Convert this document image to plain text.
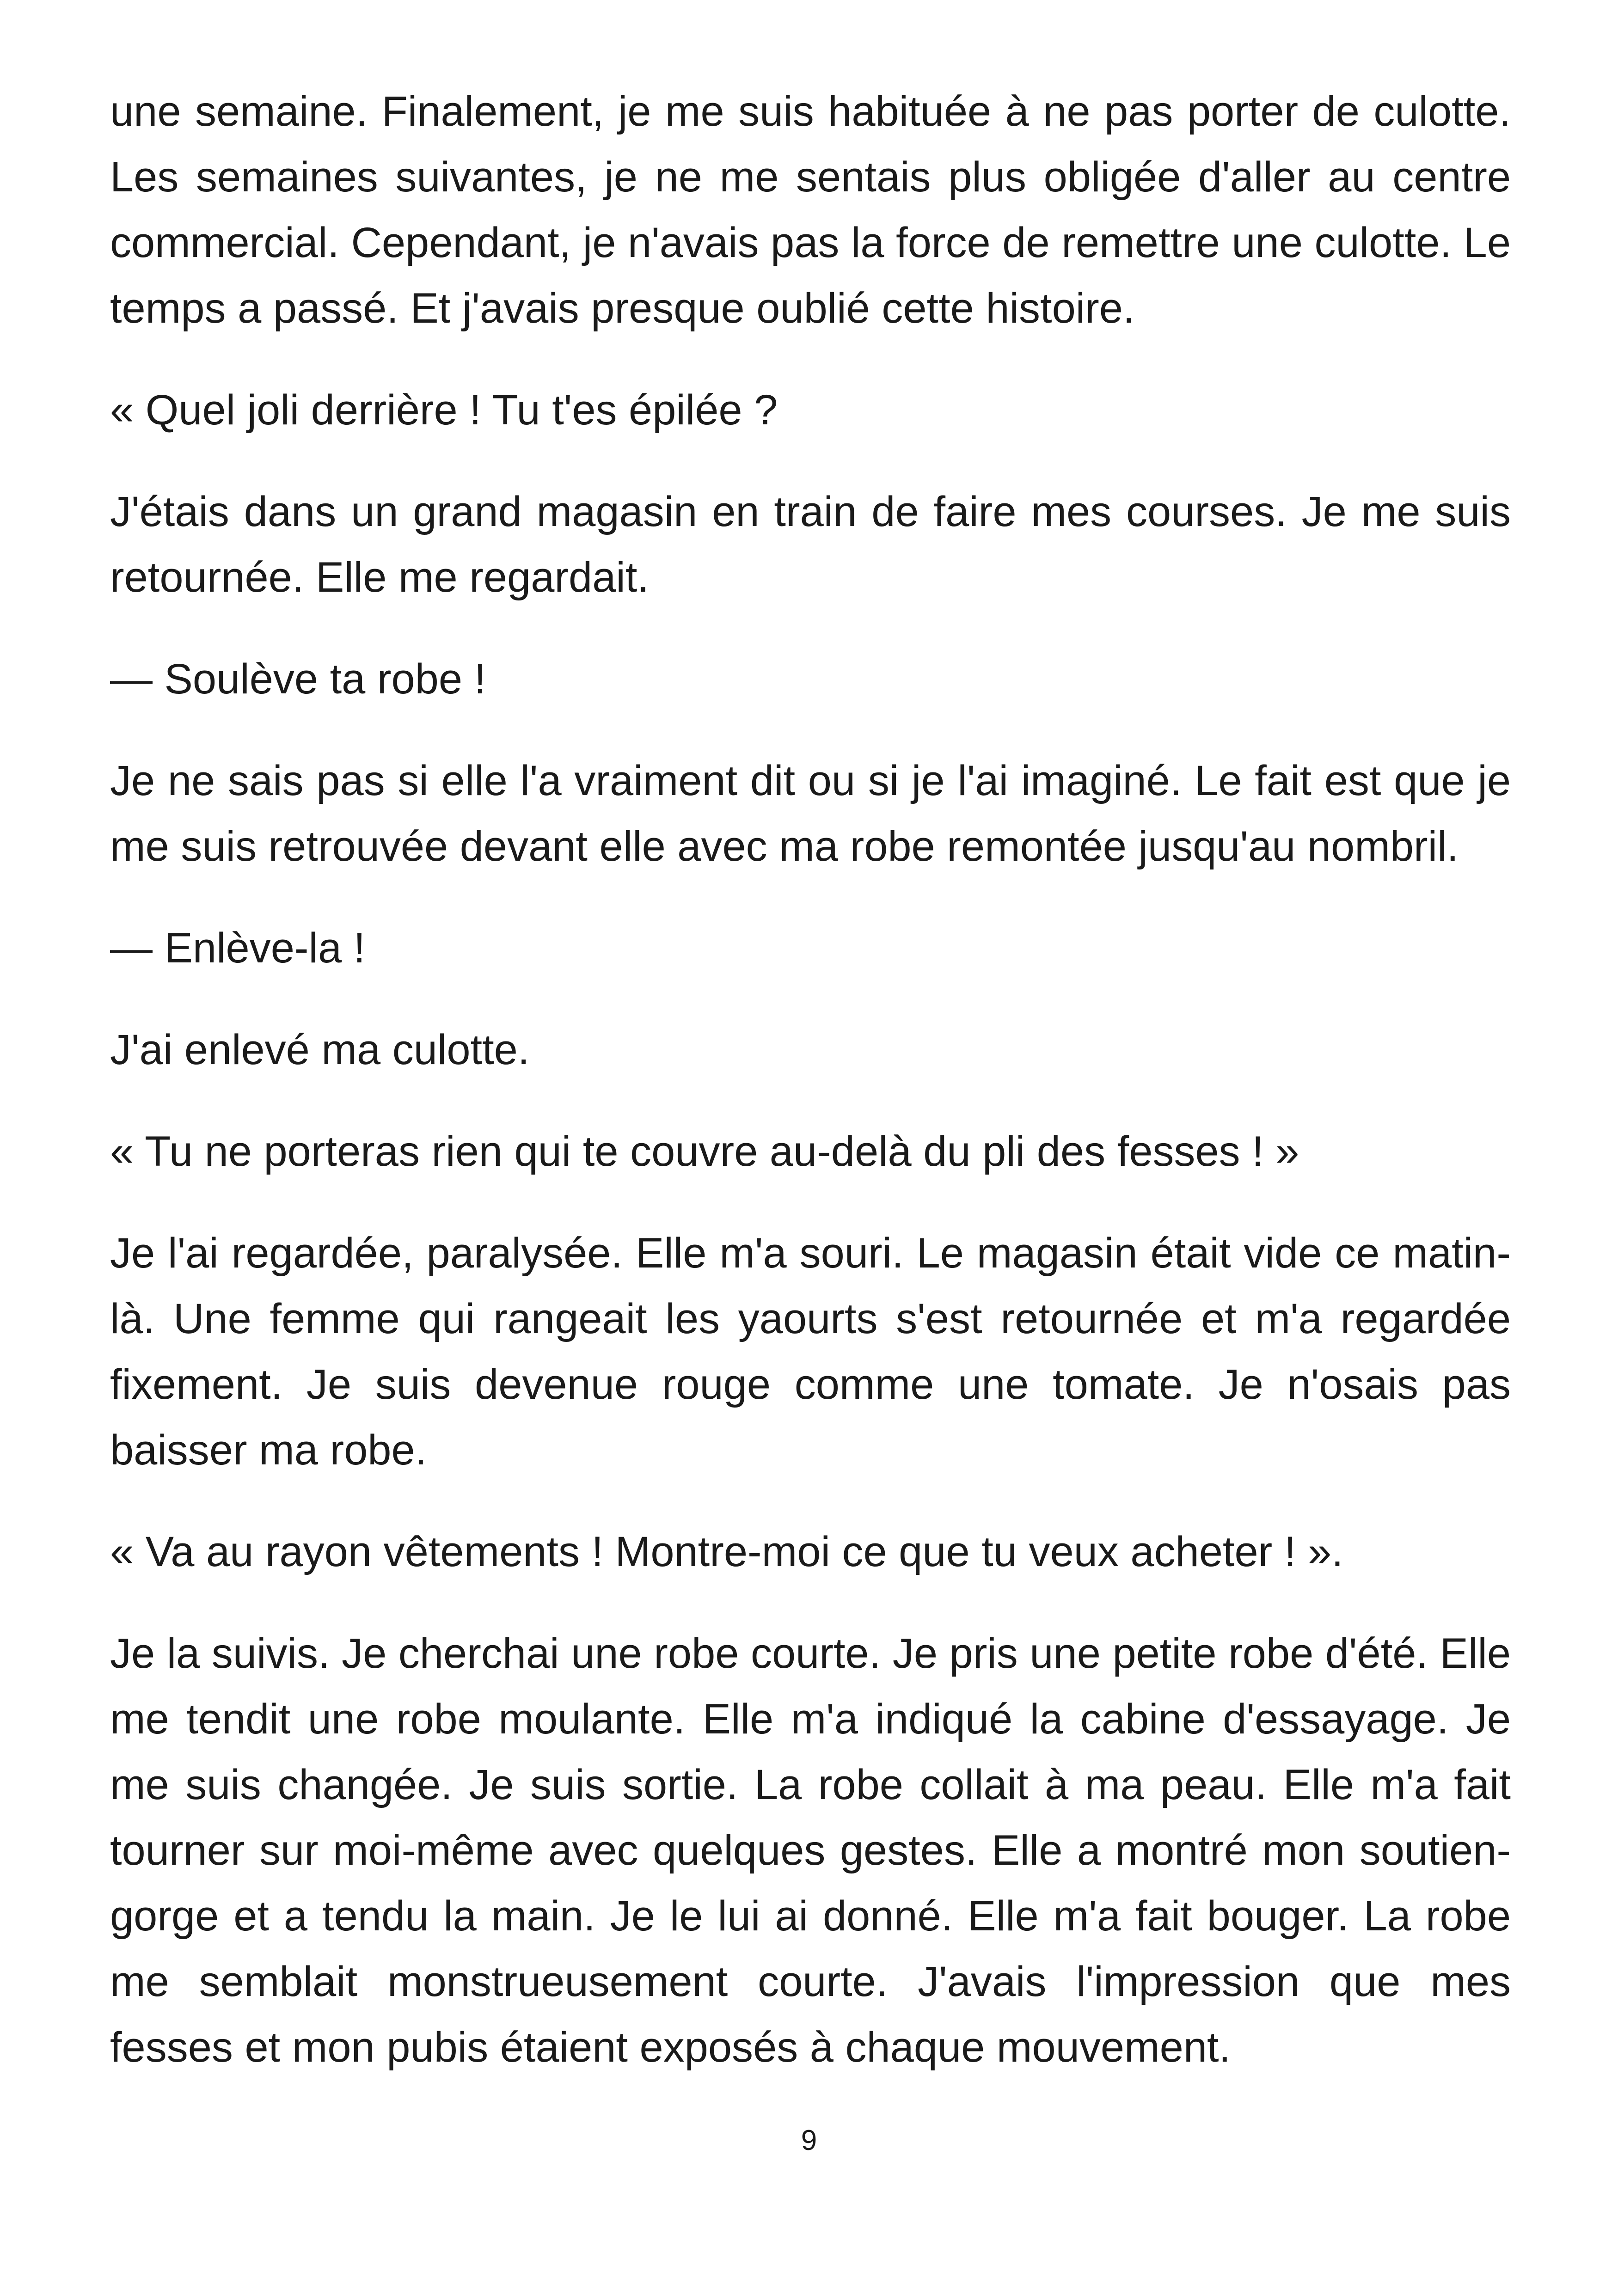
une semaine. Finalement, je me suis habituée à ne pas porter de culotte. Les semaines suivantes, je ne me sentais plus obligée d'aller au centre commercial. Cependant, je n'avais pas la force de remettre une culotte. Le temps a passé. Et j'avais presque oublié cette histoire.

« Quel joli derrière ! Tu t'es épilée ?

J'étais dans un grand magasin en train de faire mes courses. Je me suis retournée. Elle me regardait.

— Soulève ta robe !

Je ne sais pas si elle l'a vraiment dit ou si je l'ai imaginé. Le fait est que je me suis retrouvée devant elle avec ma robe remontée jusqu'au nombril.

— Enlève-la !

J'ai enlevé ma culotte.

« Tu ne porteras rien qui te couvre au-delà du pli des fesses ! »

Je l'ai regardée, paralysée. Elle m'a souri. Le magasin était vide ce matin-là. Une femme qui rangeait les yaourts s'est retournée et m'a regardée fixement. Je suis devenue rouge comme une tomate. Je n'osais pas baisser ma robe.

« Va au rayon vêtements ! Montre-moi ce que tu veux acheter ! ».

Je la suivis. Je cherchai une robe courte. Je pris une petite robe d'été. Elle me tendit une robe moulante. Elle m'a indiqué la cabine d'essayage. Je me suis changée. Je suis sortie. La robe collait à ma peau. Elle m'a fait tourner sur moi-même avec quelques gestes. Elle a montré mon soutien-gorge et a tendu la main. Je le lui ai donné. Elle m'a fait bouger. La robe me semblait monstrueusement courte. J'avais l'impression que mes fesses et mon pubis étaient exposés à chaque mouvement.

9
